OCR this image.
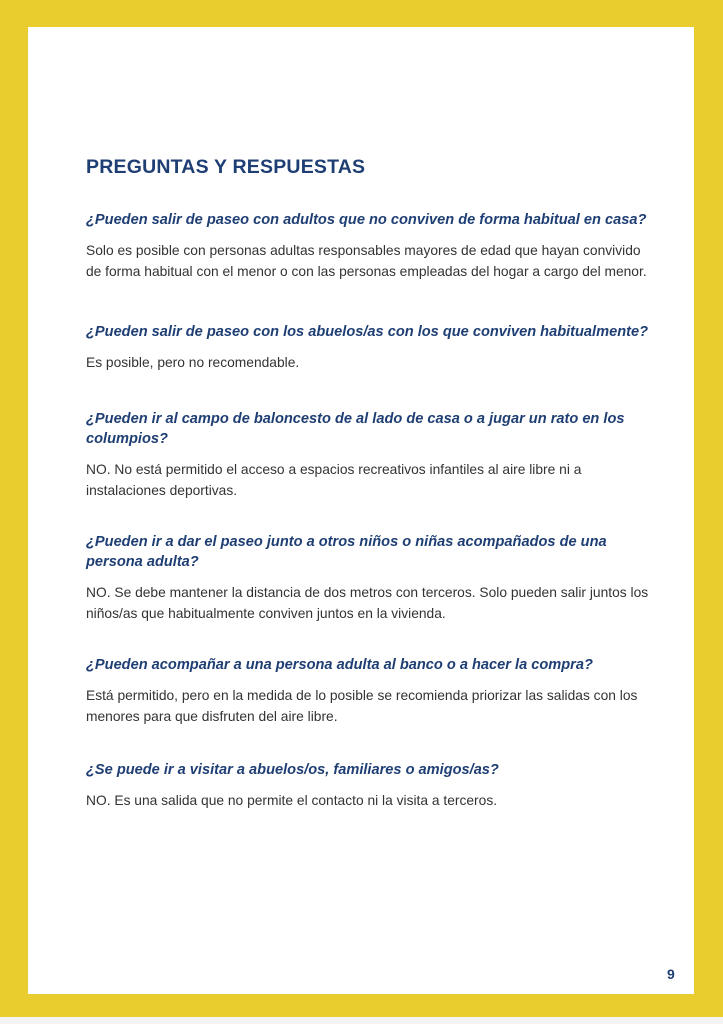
PREGUNTAS Y RESPUESTAS

¿Pueden salir de paseo con adultos que no conviven de forma habitual en casa?

Solo es posible con personas adultas responsables mayores de edad que hayan convivido de forma habitual con el menor o con las personas empleadas del hogar a cargo del menor.

¿Pueden salir de paseo con los abuelos/as con los que conviven habitualmente?

Es posible, pero no recomendable.

¿Pueden ir al campo de baloncesto de al lado de casa o a jugar un rato en los columpios?

NO. No está permitido el acceso a espacios recreativos infantiles al aire libre ni a instalaciones deportivas.

¿Pueden ir a dar el paseo junto a otros niños o niñas acompañados de una persona adulta?

NO. Se debe mantener la distancia de dos metros con terceros. Solo pueden salir juntos los niños/as que habitualmente conviven juntos en la vivienda.

¿Pueden acompañar a una persona adulta al banco o a hacer la compra?

Está permitido, pero en la medida de lo posible se recomienda priorizar las salidas con los menores para que disfruten del aire libre.

¿Se puede ir a visitar a abuelos/os, familiares o amigos/as?

NO. Es una salida que no permite el contacto ni la visita a terceros.

9
